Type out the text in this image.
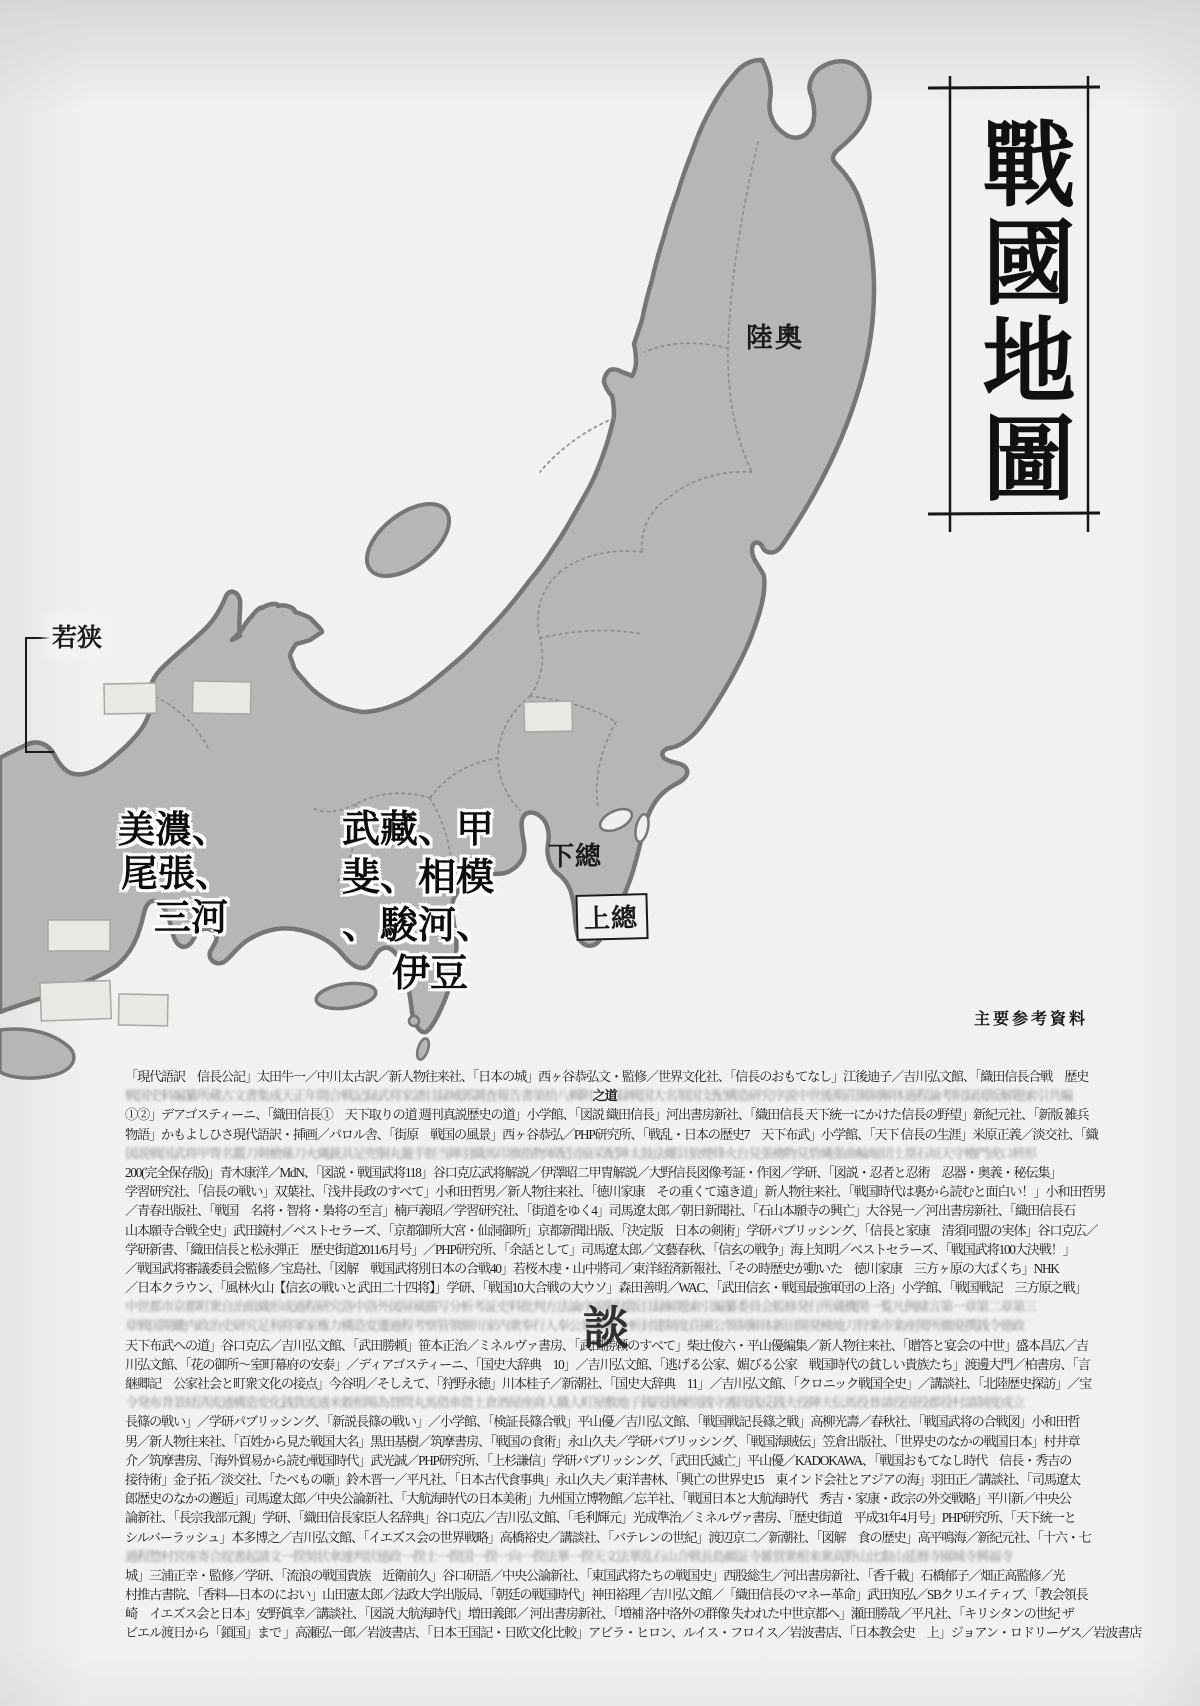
戰國地圖
陸奧
若狭
下總
上總
美濃、
尾張、
三河
武藏、甲
斐、相模
、駿河、
伊豆
主要参考資料
「現代語訳　信長公記」太田牛一／中川太古訳／新人物往来社、「日本の城」西ヶ谷恭弘文・監修／世界文化社、「信長のおもてなし」江後迪子／吉川弘文館、「織田信長合戦　歴史
戦国史料編纂所蔵古文書集成天正年間合戦記録武将家譜目録城郭調査報告書第拾八輯附之道録戦国大名領国支配構造研究序説中世後期荘園制解体過程論考附録図版解題索引共編
①②」デアゴスティーニ、「織田信長①　天下取りの道 週刊真説歴史の道」小学館、「図説 織田信長」河出書房新社、「織田信長 天下統一にかけた信長の野望」新紀元社、「新版 雑兵
物語」かもよしひさ現代語訳・挿画／パロル舎、「街原　戦国の風景」西ヶ谷恭弘／PHP研究所、「戦乱・日本の歴史7　天下布武」小学館、「天下 信長の生涯」米原正義／淡交社、「織
図説戦国武将甲冑名鑑刀剣槍薙刀火縄銃具足兜胴丸籠手脛当陣羽織馬印旗指物軍配団扇采配陣太鼓法螺貝狼煙烽火台見張櫓物見砦縄張曲輪堀切土塁石垣天守櫓門虎口枡形
200(完全保存版)」青木康洋／MdN、「図説・戦国武将118」谷口克広武将解説／伊澤昭二甲冑解説／大野信長図像考証・作図／学研、「図説・忍者と忍術　忍器・奥義・秘伝集」
学習研究社、「信長の戦い」双葉社、「浅井長政のすべて」小和田哲男／新人物往来社、「徳川家康　その重くて遠き道」新人物往来社、「戦国時代は裏から読むと面白い！」小和田哲男
／青春出版社、「戦国　名将・智将・梟将の至言」楠戸義昭／学習研究社、「街道をゆく4」司馬遼太郎／朝日新聞社、「石山本願寺の興亡」大谷晃一／河出書房新社、「織田信長石
山本願寺合戦全史」武田鏡村／ベストセラーズ、「京都御所大宮・仙洞御所」京都新聞出版、「決定版　日本の剣術」学研パブリッシング、「信長と家康　清須同盟の実体」谷口克広／
学研新書、「織田信長と松永弾正　歴史街道2011/6月号」／PHP研究所、「余話として」司馬遼太郎／文藝春秋、「信玄の戦争」海上知明／ベストセラーズ、「戦国武将100大決戦！」
／戦国武将審議委員会監修／宝島社、「図解　戦国武将別日本の合戦40」若桜木虔・山中將司／東洋経済新報社、「その時歴史が動いた　徳川家康　三方ヶ原の大ばくち」NHK
／日本クラウン、「風林火山【信玄の戦いと武田二十四将】」学研、「戦国10大合戦の大ウソ」森田善明／WAC、「武田信玄・戦国最強軍団の上洛」小学館、「戦国戦記　三方原之戦」
中世都市京都町衆自治組織形成過程研究洛中洛外図屏風描写分析考証史料批判方法論序説附図版目録解題索引編纂委員会監修発行所蔵機関一覧凡例緒言第一章第二章第三
章戦国期畿内政治史研究足利将軍家権力構造変遷過程考察管領細川家内衆奉行人奉公衆番帳分析封建制度荘園公領制解体新田開発検地刀狩楽市楽座関所撤廃撰銭令徳政
天下布武への道」谷口克広／吉川弘文館、「武田勝頼」笹本正治／ミネルヴァ書房、「武田勝頼のすべて」柴辻俊六・平山優編集／新人物往来社、「贈答と宴会の中世」盛本昌広／吉
川弘文館、「花の御所〜室町幕府の安泰」／ディアゴスティーニ、「国史大辞典　10」／吉川弘文館、「逃げる公家、媚びる公家　戦国時代の貧しい貴族たち」渡邊大門／柏書房、「言
継卿記　公家社会と町衆文化の接点」今谷明／そしえて、「狩野永徳」川本桂子／新潮社、「国史大辞典　11」／吉川弘文館、「クロニック戦国全史」／講談社、「北陸歴史探訪」／宝
令発布背景経済流通構造変化銭貨流通米穀相場為替問丸馬借車借土倉酒屋座商人職人町屋敷地子銭段銭棟別銭守護段銭反銭夫役陣夫伝馬役普請役国役郡役村請制度成立
長篠の戦い」／学研パブリッシング、「新説長篠の戦い」／小学館、「検証長篠合戦」平山優／吉川弘文館、「戦国戦記長篠之戦」高柳光壽／春秋社、「戦国武将の合戦図」小和田哲
男／新人物往来社、「百姓から見た戦国大名」黒田基樹／筑摩書房、「戦国の食術」永山久夫／学研パブリッシング、「戦国海賊伝」笠倉出版社、「世界史のなかの戦国日本」村井章
介／筑摩書房、「海外貿易から読む戦国時代」武光誠／PHP研究所、「上杉謙信」学研パブリッシング、「武田氏滅亡」平山優／KADOKAWA、「戦国おもてなし時代　信長・秀吉の
接待術」金子拓／淡交社、「たべもの噺」鈴木晋一／平凡社、「日本古代食事典」永山久夫／東洋書林、「興亡の世界史15　東インド会社とアジアの海」羽田正／講談社、「司馬遼太
郎歴史のなかの邂逅」司馬遼太郎／中央公論新社、「大航海時代の日本美術」九州国立博物館／忘羊社、「戦国日本と大航海時代　秀吉・家康・政宗の外交戦略」平川新／中央公
論新社、「長宗我部元親」学研、「織田信長家臣人名辞典」谷口克広／吉川弘文館、「毛利輝元」光成準治／ミネルヴァ書房、「歴史街道　平成31年4月号」PHP研究所、「天下統一と
シルバーラッシュ」本多博之／吉川弘文館、「イエズス会の世界戦略」高橋裕史／講談社、「バテレンの世紀」渡辺京二／新潮社、「図解　食の歴史」高平鳴海／新紀元社、「十六・七
過程惣村宮座寄合掟書起請文一揆契状傘連判状徳政一揆土一揆国一揆一向一揆法華一揆天文法華乱石山合戦長島願証寺雑賀衆根来衆高野山比叡山延暦寺園城寺興福寺
城」三浦正幸・監修／学研、「流浪の戦国貴族　近衛前久」谷口研語／中央公論新社、「東国武将たちの戦国史」西股総生／河出書房新社、「香千載」石橋郁子／畑正高監修／光
村推古書院、「香料―日本のにおい」山田憲太郎／法政大学出版局、「朝廷の戦国時代」神田裕理／吉川弘文館／「織田信長のマネー革命」武田知弘／SBクリエイティブ、「教会領長
崎　イエズス会と日本」安野眞幸／講談社、「図説 大航海時代」増田義郎／ 河出書房新社、「増補 洛中洛外の群像 失われた中世京都へ」瀬田勝哉／平凡社、「キリシタンの世紀 ザ
ビエル渡日から「鎖国」まで 」高瀬弘一郎／岩波書店、「日本王国記・日欧文化比較」アビラ・ヒロン、ルイス・フロイス／岩波書店、「日本教会史　上」ジョアン・ロドリーゲス／岩波書店
談
